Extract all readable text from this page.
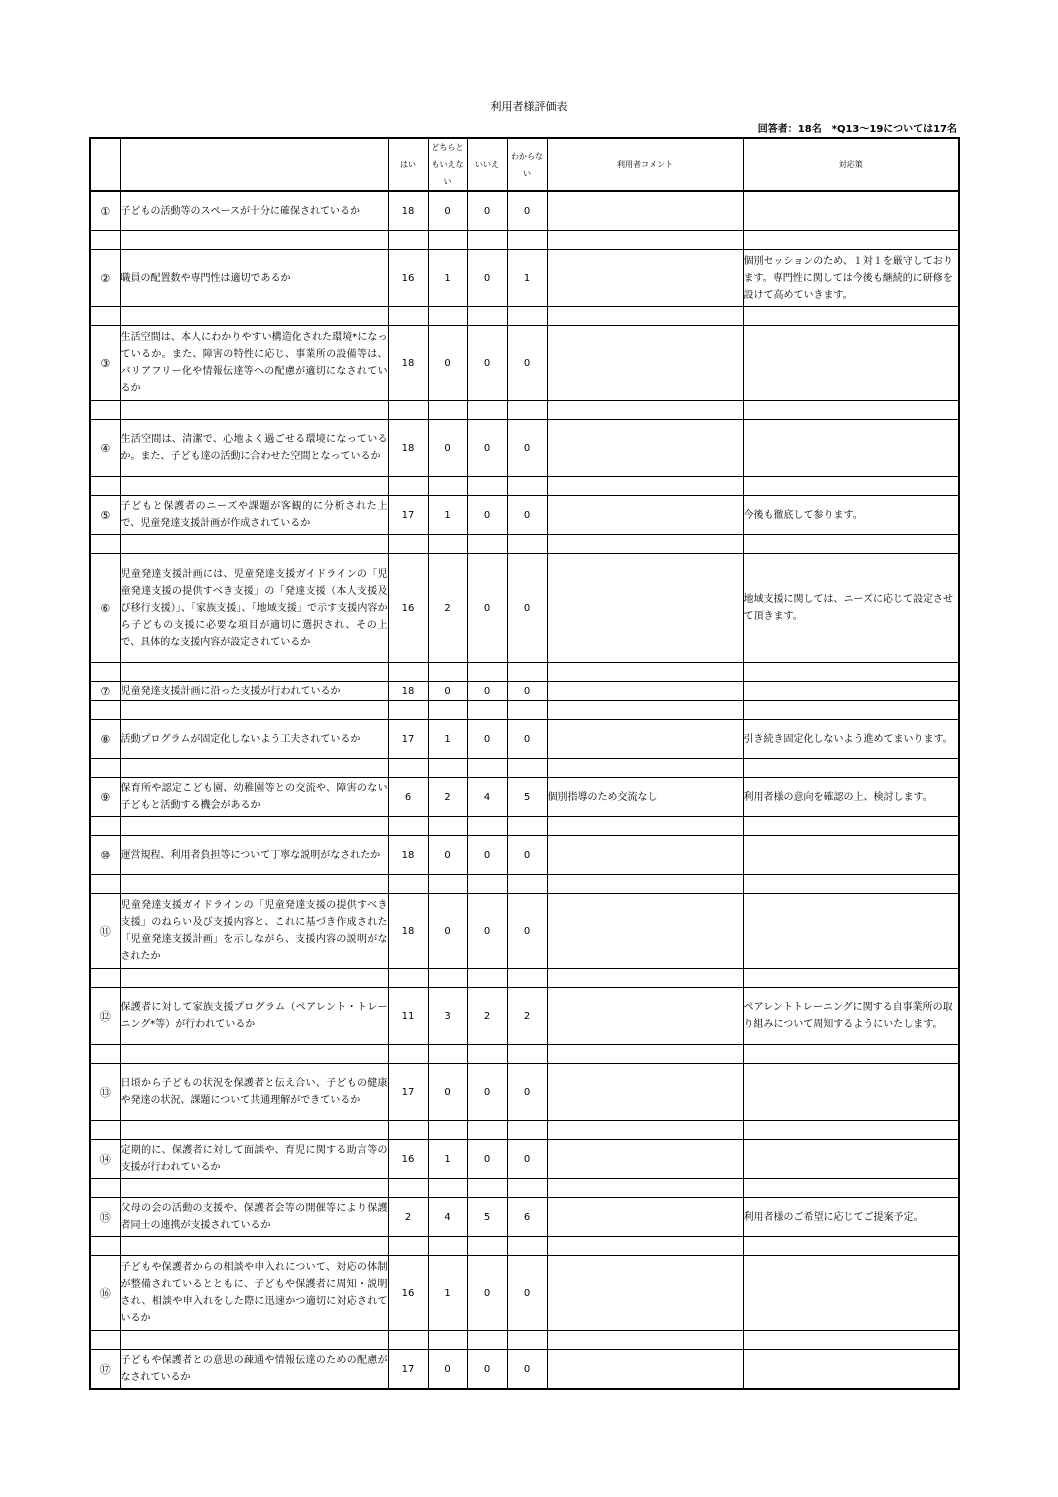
利用者様評価表
回答者：18名　*Q13～19については17名
		はい	どちらともいえない	いいえ	わからない	利用者コメント	対応策
①	子どもの活動等のスペースが十分に確保されているか	18	0	0	0		

②	職員の配置数や専門性は適切であるか	16	1	0	1		個別セッションのため、１対１を厳守しております。専門性に関しては今後も継続的に研修を設けて高めていきます。

③	生活空間は、本人にわかりやすい構造化された環境*になっているか。また、障害の特性に応じ、事業所の設備等は、バリアフリー化や情報伝達等への配慮が適切になされているか	18	0	0	0		

④	生活空間は、清潔で、心地よく過ごせる環境になっているか。また、子ども達の活動に合わせた空間となっているか	18	0	0	0		

⑤	子どもと保護者のニーズや課題が客観的に分析された上で、児童発達支援計画が作成されているか	17	1	0	0		今後も徹底して参ります。

⑥	児童発達支援計画には、児童発達支援ガイドラインの「児童発達支援の提供すべき支援」の「発達支援（本人支援及び移行支援）」、「家族支援」、「地域支援」で示す支援内容から子どもの支援に必要な項目が適切に選択され、その上で、具体的な支援内容が設定されているか	16	2	0	0		地域支援に関しては、ニーズに応じて設定させて頂きます。

⑦	児童発達支援計画に沿った支援が行われているか	18	0	0	0		

⑧	活動プログラムが固定化しないよう工夫されているか	17	1	0	0		引き続き固定化しないよう進めてまいります。

⑨	保育所や認定こども園、幼稚園等との交流や、障害のない子どもと活動する機会があるか	6	2	4	5	個別指導のため交流なし	利用者様の意向を確認の上、検討します。

⑩	運営規程、利用者負担等について丁寧な説明がなされたか	18	0	0	0		

⑪	児童発達支援ガイドラインの「児童発達支援の提供すべき支援」のねらい及び支援内容と、これに基づき作成された「児童発達支援計画」を示しながら、支援内容の説明がなされたか	18	0	0	0		

⑫	保護者に対して家族支援プログラム（ペアレント・トレーニング*等）が行われているか	11	3	2	2		ペアレントトレーニングに関する自事業所の取り組みについて周知するようにいたします。

⑬	日頃から子どもの状況を保護者と伝え合い、子どもの健康や発達の状況、課題について共通理解ができているか	17	0	0	0		

⑭	定期的に、保護者に対して面談や、育児に関する助言等の支援が行われているか	16	1	0	0		

⑮	父母の会の活動の支援や、保護者会等の開催等により保護者同士の連携が支援されているか	2	4	5	6		利用者様のご希望に応じてご提案予定。

⑯	子どもや保護者からの相談や申入れについて、対応の体制が整備されているとともに、子どもや保護者に周知・説明され、相談や申入れをした際に迅速かつ適切に対応されているか	16	1	0	0		

⑰	子どもや保護者との意思の疎通や情報伝達のための配慮がなされているか	17	0	0	0		
